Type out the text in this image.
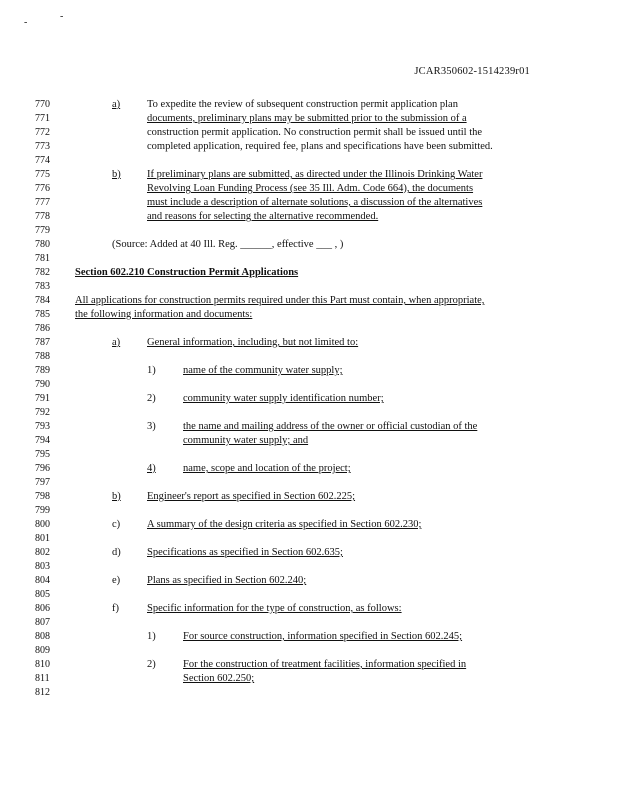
-
-
JCAR350602-1514239r01
770
771
772
773
774
775
776
777
778
779
780
781
782
783
784
785
786
787
788
789
790
791
792
793
794
795
796
797
798
799
800
801
802
803
804
805
806
807
808
809
810
811
812
a)	To expedite the review of subsequent construction permit application plan
documents, preliminary plans may be submitted prior to the submission of a
construction permit application. No construction permit shall be issued until the
completed application, required fee, plans and specifications have been submitted.
b)	If preliminary plans are submitted, as directed under the Illinois Drinking Water
Revolving Loan Funding Process (see 35 Ill. Adm. Code 664), the documents
must include a description of alternate solutions, a discussion of the alternatives
and reasons for selecting the alternative recommended.
(Source: Added at 40 Ill. Reg. ______, effective ___ , )
Section 602.210 Construction Permit Applications
All applications for construction permits required under this Part must contain, when appropriate,
the following information and documents:
a)	General information, including, but not limited to:
1)	name of the community water supply;
2)	community water supply identification number;
3)	the name and mailing address of the owner or official custodian of the
community water supply; and
4)	name, scope and location of the project;
b)	Engineer's report as specified in Section 602.225;
c)	A summary of the design criteria as specified in Section 602.230;
d)	Specifications as specified in Section 602.635;
e)	Plans as specified in Section 602.240;
f)	Specific information for the type of construction, as follows:
1)	For source construction, information specified in Section 602.245;
2)	For the construction of treatment facilities, information specified in
Section 602.250;
